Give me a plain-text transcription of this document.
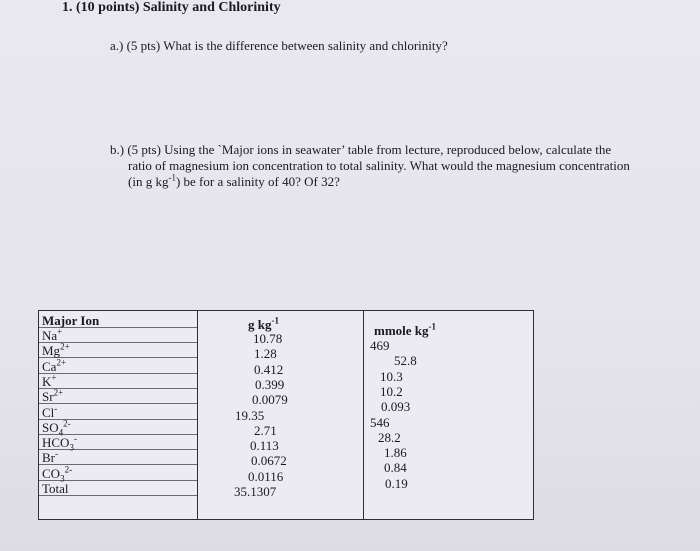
1. (10 points) Salinity and Chlorinity
a.) (5 pts) What is the difference between salinity and chlorinity?
b.) (5 pts) Using the `Major ions in seawater’ table from lecture, reproduced below, calculate the
ratio of magnesium ion concentration to total salinity. What would the magnesium concentration
(in g $kg^{-1}$) be for a salinity of 40? Of 32?
Major Ion
Na+
$Mg^{2+}$
$Ca^{2+}$
K+
$Sr^{2+}$
Cl-
$SO_4^{2-}$
$HCO_3^-$
Br-
$CO_3^{2-}$
Total
g $kg^{-1}$
10.78
1.28
0.412
0.399
0.0079
19.35
2.71
0.113
0.0672
0.0116
35.1307
mmole $kg^{-1}$
469
52.8
10.3
10.2
0.093
546
28.2
1.86
0.84
0.19
